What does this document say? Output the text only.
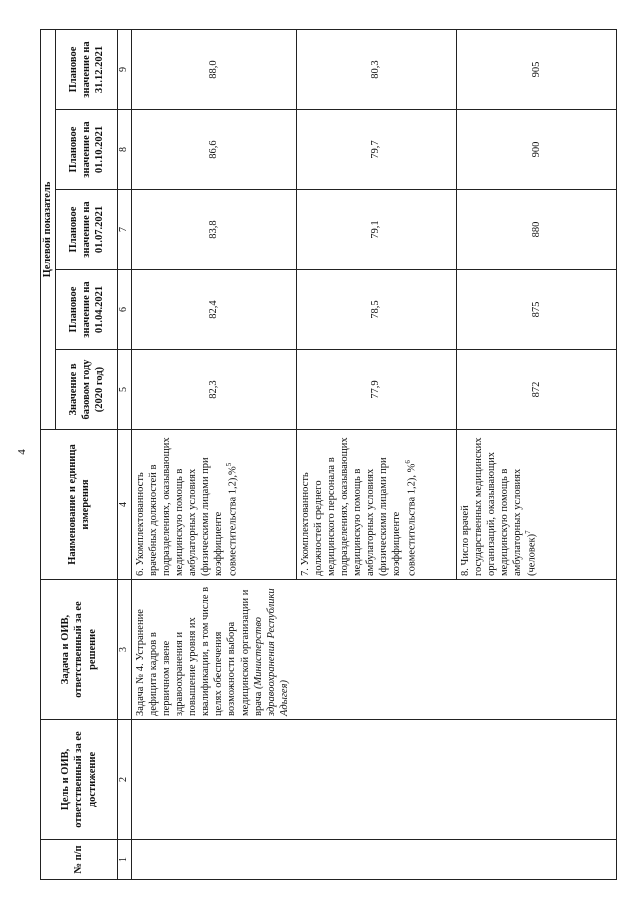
4
№ п/п	Цель и ОИВ, ответственный за ее достижение	Задача и ОИВ, ответственный за ее решение	Наименование и единица измерения	Целевой показатель				
				Значение в базовом году (2020 год)	Плановое значение на 01.04.2021	Плановое значение на 01.07.2021	Плановое значение на 01.10.2021	Плановое значение на 31.12.2021
1	2	3	4	5	6	7	8	9
		Задача № 4. Устранение дефицита кадров в первичном звене здравоохранения и повышение уровня их квалификации, в том числе в целях обеспечения возможности выбора медицинской организации и врача (Министерство здравоохранения Республики Адыгея)	6. Укомплектованность врачебных должностей в подразделениях, оказывающих медицинскую помощь в амбулаторных условиях (физическими лицами при коэффициенте совместительства 1,2),%$^5$	82,3	82,4	83,8	86,6	88,0
			7. Укомплектованность должностей среднего медицинского персонала в подразделениях, оказывающих медицинскую помощь в амбулаторных условиях (физическими лицами при коэффициенте совместительства 1,2), %$^6$	77,9	78,5	79,1	79,7	80,3
			8. Число врачей государственных медицинских организаций, оказывающих медицинскую помощь в амбулаторных условиях (человек)$^7$	872	875	880	900	905
